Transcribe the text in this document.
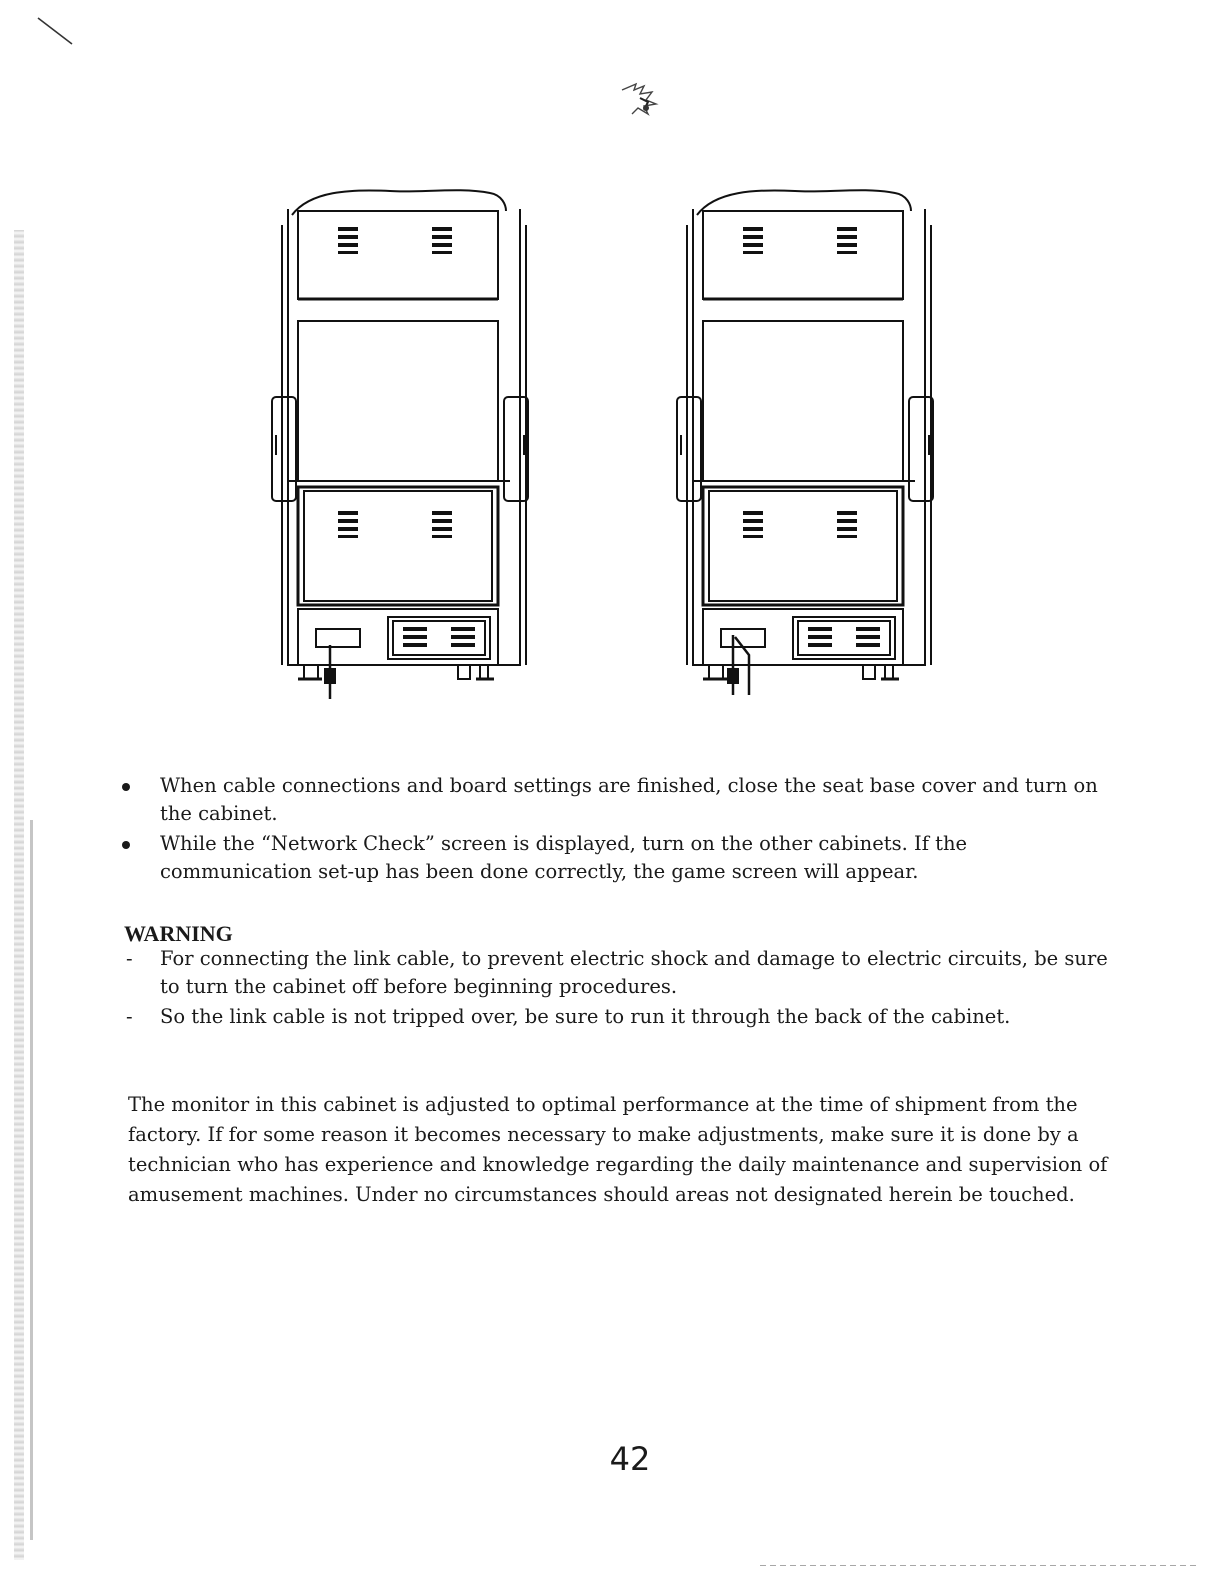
When cable connections and board settings are finished, close the seat base cover and turn on the cabinet.
While the “Network Check” screen is displayed, turn on the other cabinets. If the communication set-up has been done correctly, the game screen will appear.
WARNING
- For connecting the link cable, to prevent electric shock and damage to electric circuits, be sure to turn the cabinet off before beginning procedures.
- So the link cable is not tripped over, be sure to run it through the back of the cabinet.

The monitor in this cabinet is adjusted to optimal performance at the time of shipment from the factory. If for some reason it becomes necessary to make adjustments, make sure it is done by a technician who has experience and knowledge regarding the daily maintenance and supervision of amusement machines. Under no circumstances should areas not designated herein be touched.

42
